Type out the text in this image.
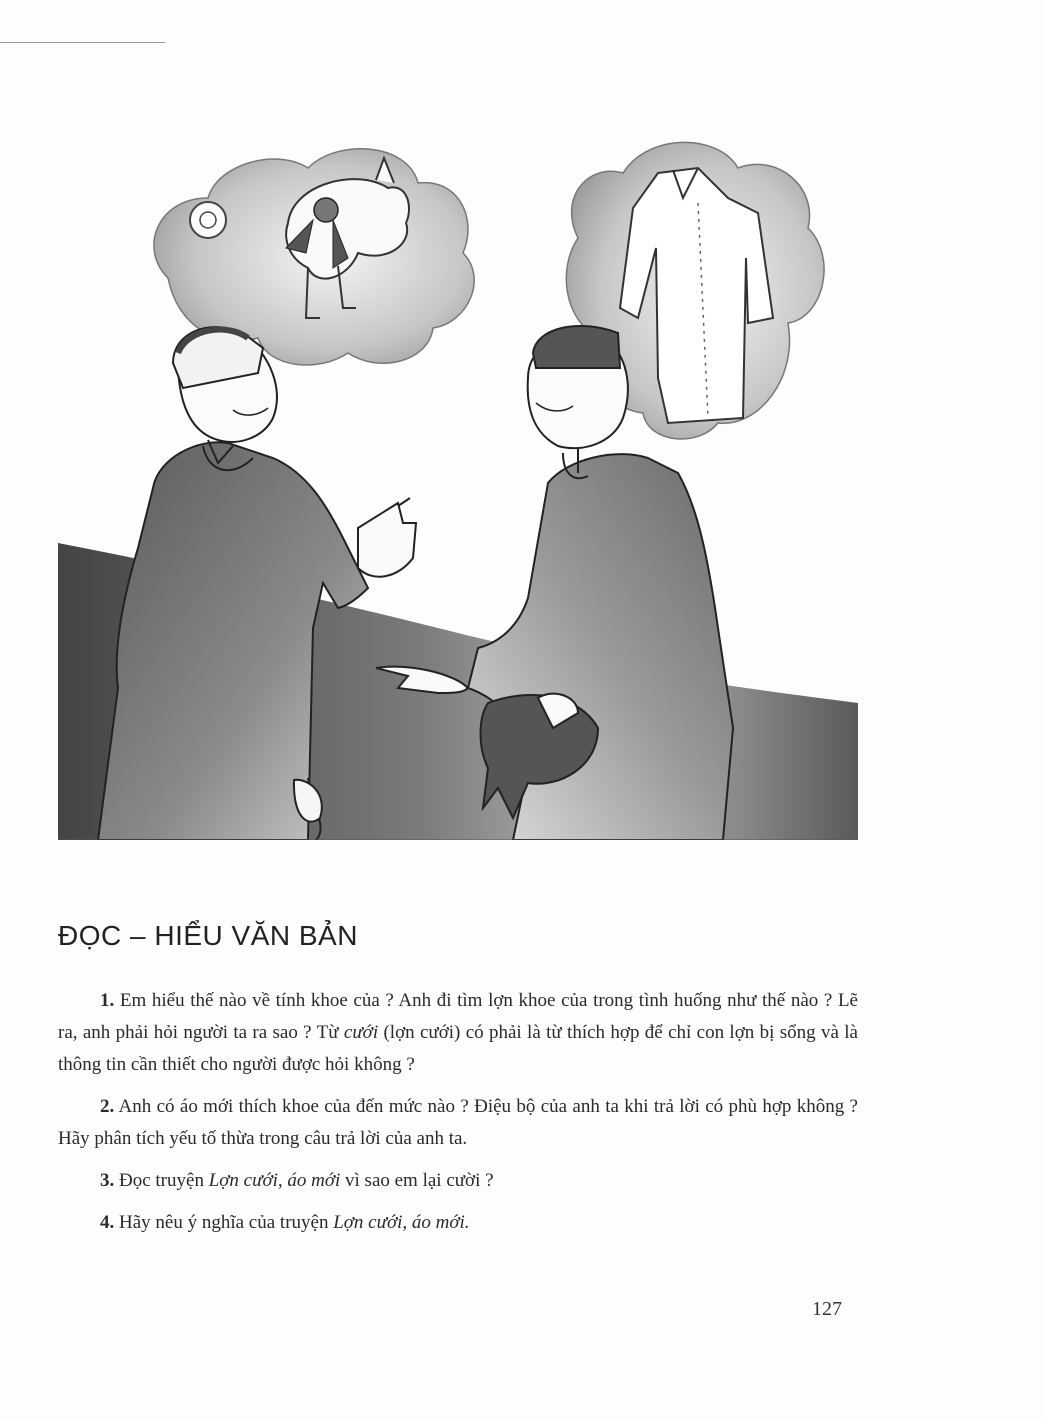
ĐỌC – HIỂU VĂN BẢN

1. Em hiểu thế nào về tính khoe của ? Anh đi tìm lợn khoe của trong tình huống như thế nào ? Lẽ ra, anh phải hỏi người ta ra sao ? Từ cưới (lợn cưới) có phải là từ thích hợp để chỉ con lợn bị sổng và là thông tin cần thiết cho người được hỏi không ?

2. Anh có áo mới thích khoe của đến mức nào ? Điệu bộ của anh ta khi trả lời có phù hợp không ? Hãy phân tích yếu tố thừa trong câu trả lời của anh ta.

3. Đọc truyện Lợn cưới, áo mới vì sao em lại cười ?

4. Hãy nêu ý nghĩa của truyện Lợn cưới, áo mới.

127
